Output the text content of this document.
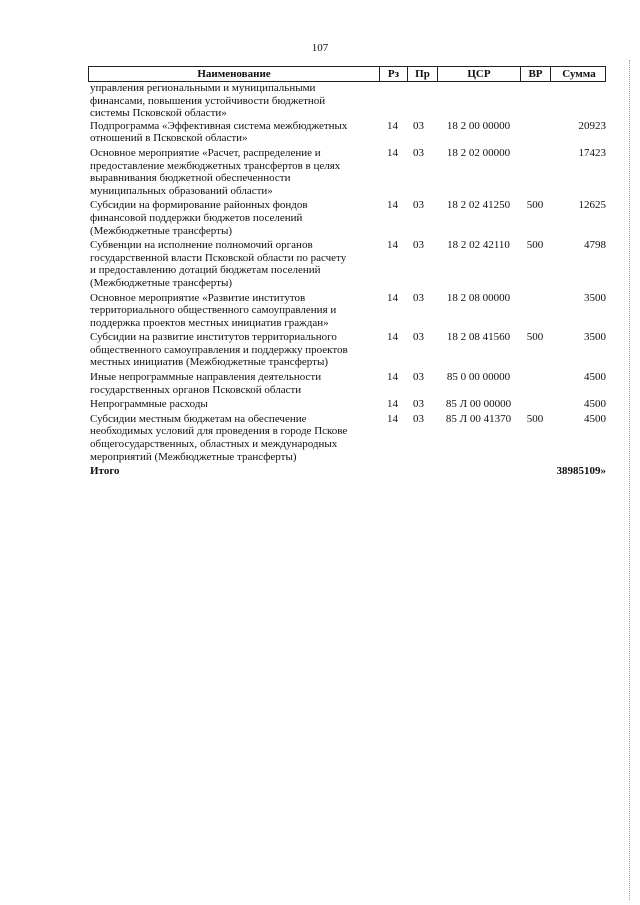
107
Наименование	Рз	Пр	ЦСР	ВР	Сумма
управления региональными и муниципальными
финансами, повышения устойчивости бюджетной
системы Псковской области»
Подпрограмма «Эффективная система межбюджетных
отношений в Псковской области»
14 03	18 2 00 00000	20923
Основное мероприятие «Расчет, распределение и
предоставление межбюджетных трансфертов в целях
выравнивания бюджетной обеспеченности
муниципальных образований области»
14 03	18 2 02 00000	17423
Субсидии на формирование районных фондов
финансовой поддержки бюджетов поселений
(Межбюджетные трансферты)
14 03	18 2 02 41250	500	12625
Субвенции на исполнение полномочий органов
государственной власти Псковской области по расчету
и предоставлению дотаций бюджетам поселений
(Межбюджетные трансферты)
14 03	18 2 02 42110	500	4798
Основное мероприятие «Развитие институтов
территориального общественного самоуправления и
поддержка проектов местных инициатив граждан»
14 03	18 2 08 00000	3500
Субсидии на развитие институтов территориального
общественного самоуправления и поддержку проектов
местных инициатив (Межбюджетные трансферты)
14 03	18 2 08 41560	500	3500
Иные непрограммные направления деятельности
государственных органов Псковской области
14 03	85 0 00 00000	4500
Непрограммные расходы	14 03	85 Л 00 00000	4500
Субсидии местным бюджетам на обеспечение
необходимых условий для проведения в городе Пскове
общегосударственных, областных и международных
мероприятий (Межбюджетные трансферты)
14 03	85 Л 00 41370	500	4500
Итого	38985109»
